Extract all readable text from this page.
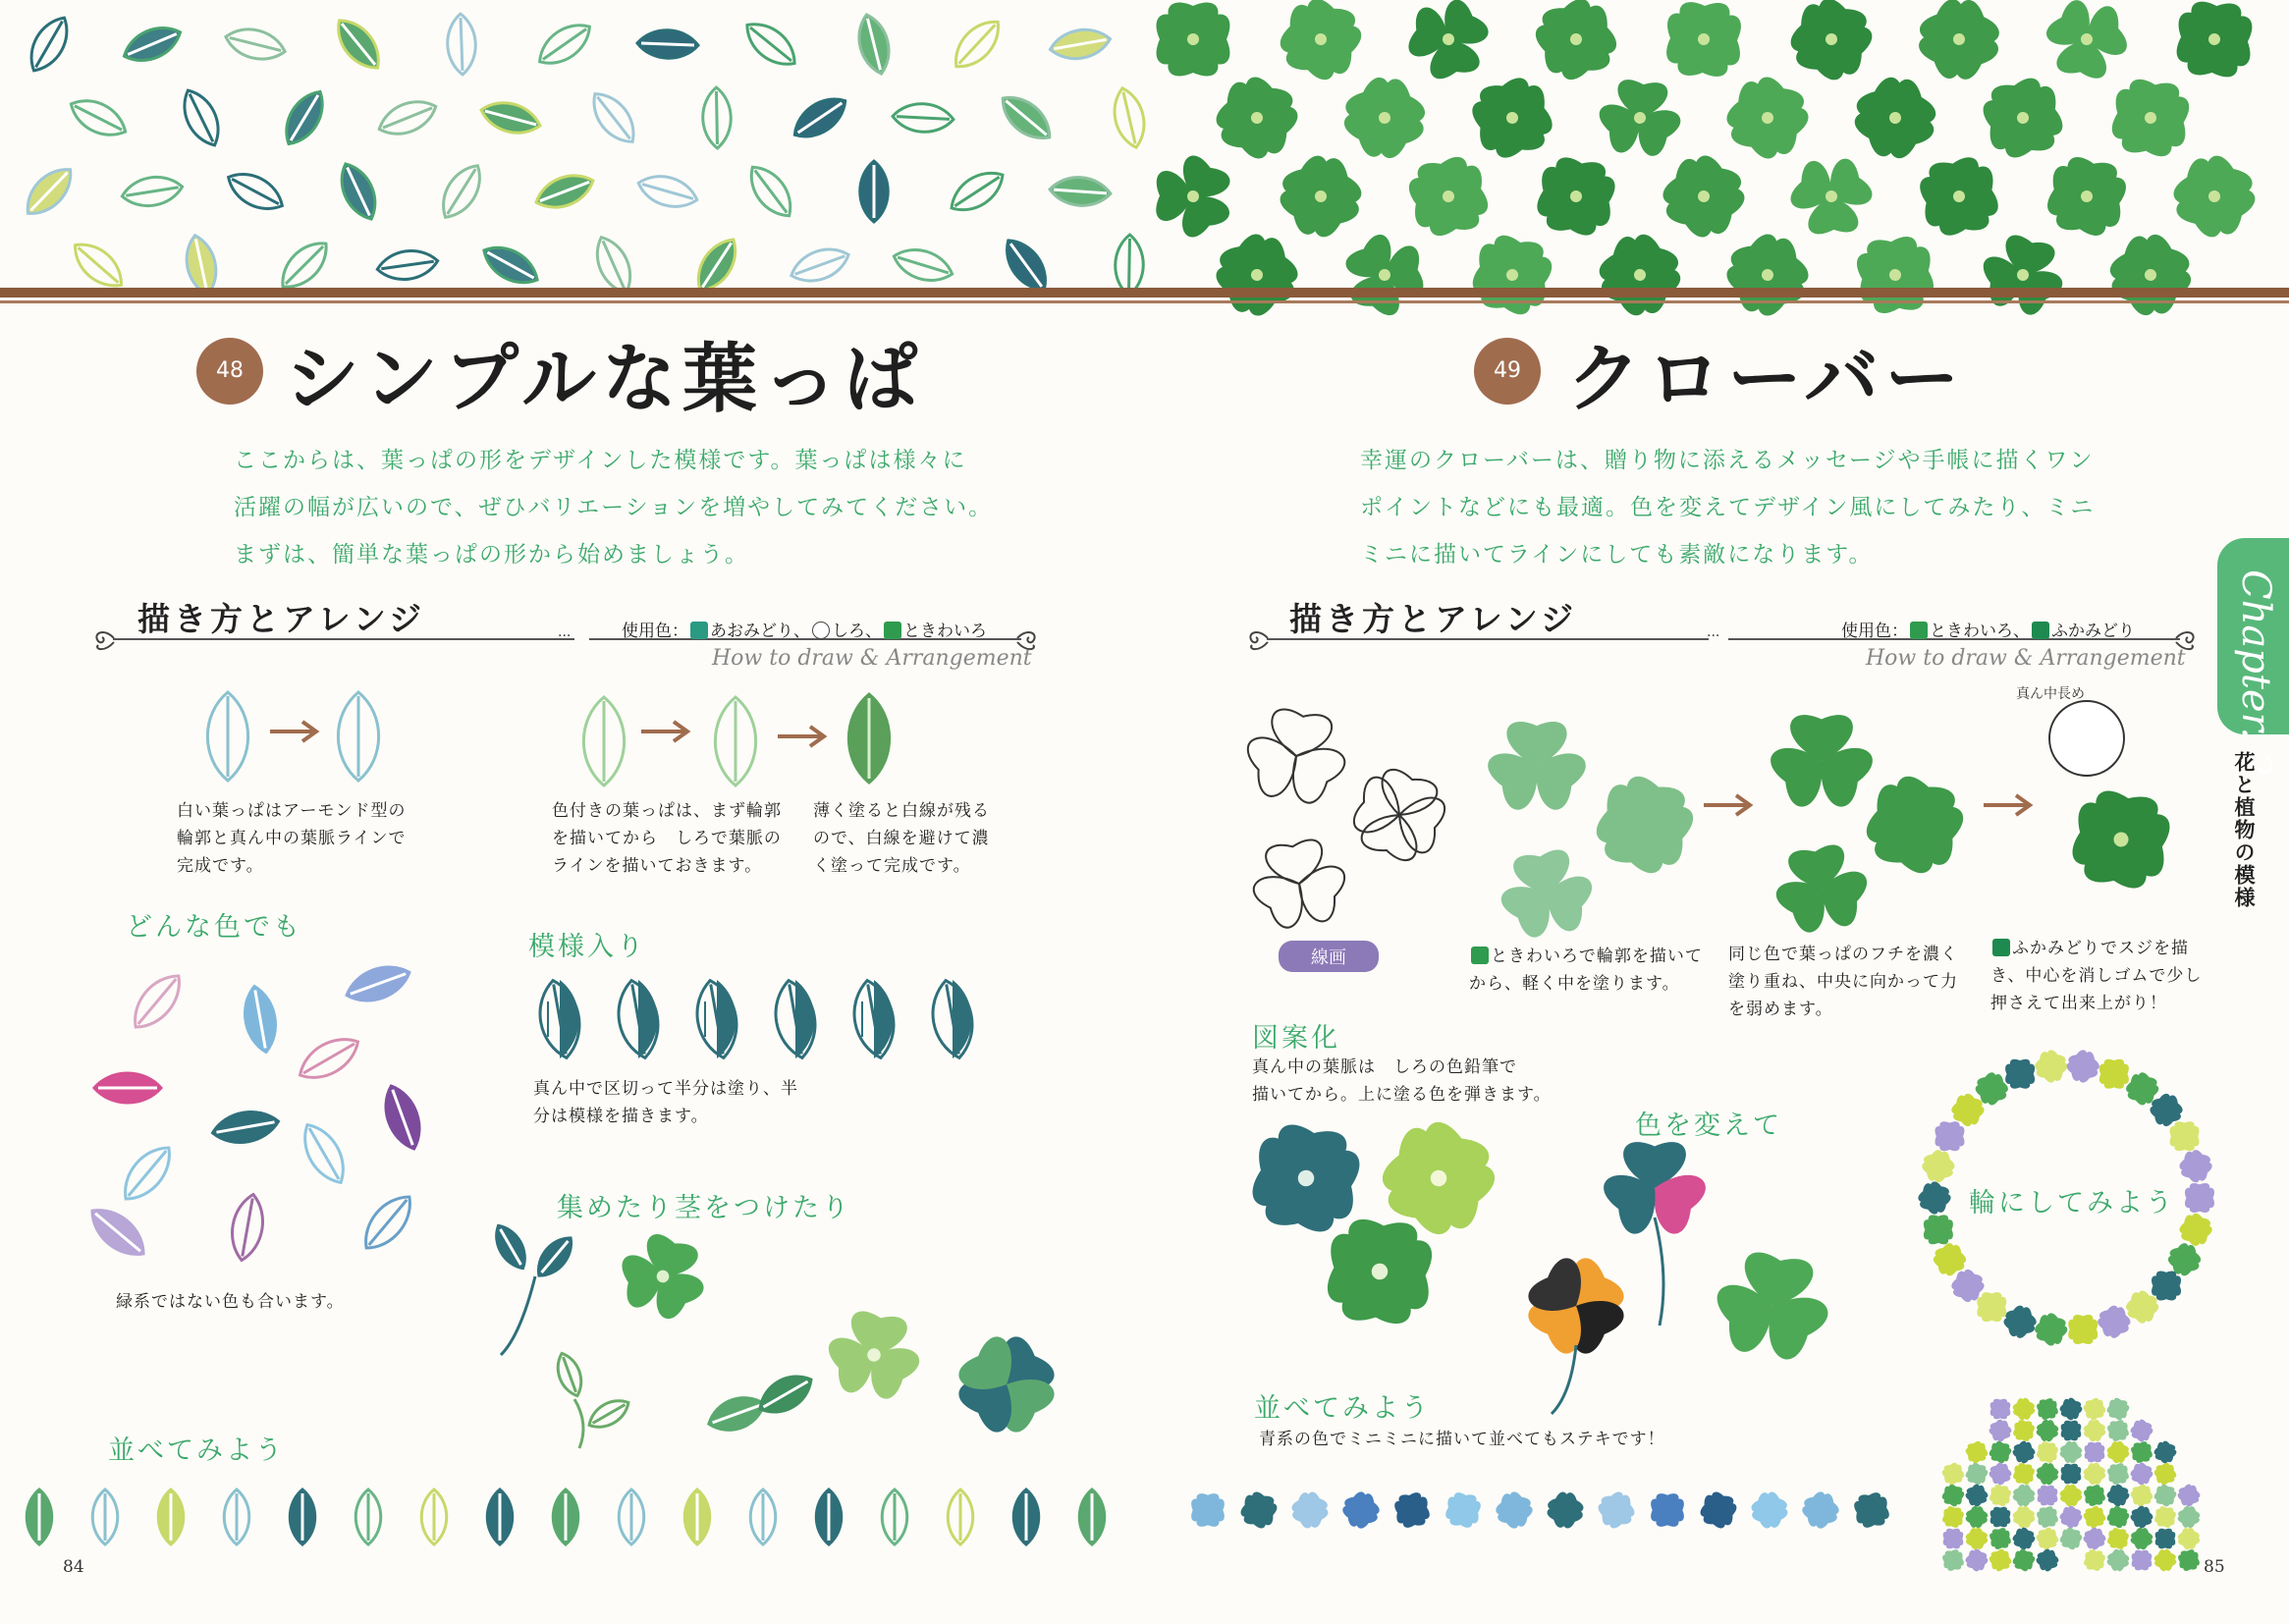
48 シンプルな葉っぱ
ここからは、葉っぱの形をデザインした模様です。葉っぱは様々に
活躍の幅が広いので、ぜひバリエーションを増やしてみてください。
まずは、簡単な葉っぱの形から始めましょう。
描き方とアレンジ	···	使用色： あおみどり、 しろ、 ときわいろ
How to draw & Arrangement
白い葉っぱはアーモンド型の
輪郭と真ん中の葉脈ラインで
完成です。
色付きの葉っぱは、まず輪郭
を描いてから　しろで葉脈の
ラインを描いておきます。
薄く塗ると白線が残る
ので、白線を避けて濃
く塗って完成です。
どんな色でも
緑系ではない色も合います。
模様入り
真ん中で区切って半分は塗り、半
分は模様を描きます。
集めたり茎をつけたり
並べてみよう
84
49 クローバー
幸運のクローバーは、贈り物に添えるメッセージや手帳に描くワン
ポイントなどにも最適。色を変えてデザイン風にしてみたり、ミニ
ミニに描いてラインにしても素敵になります。
描き方とアレンジ	···	使用色： ときわいろ、 ふかみどり
How to draw & Arrangement
真ん中長め
線画	ときわいろで輪郭を描いて
から、軽く中を塗ります。
同じ色で葉っぱのフチを濃く
塗り重ね、中央に向かって力
を弱めます。
ふかみどりでスジを描
き、中心を消しゴムで少し
押さえて出来上がり！
図案化
真ん中の葉脈は　しろの色鉛筆で
描いてから。上に塗る色を弾きます。
色を変えて
輪にしてみよう
並べてみよう
青系の色でミニミニに描いて並べてもステキです！
85
Chapter. 2
花と植物の模様
